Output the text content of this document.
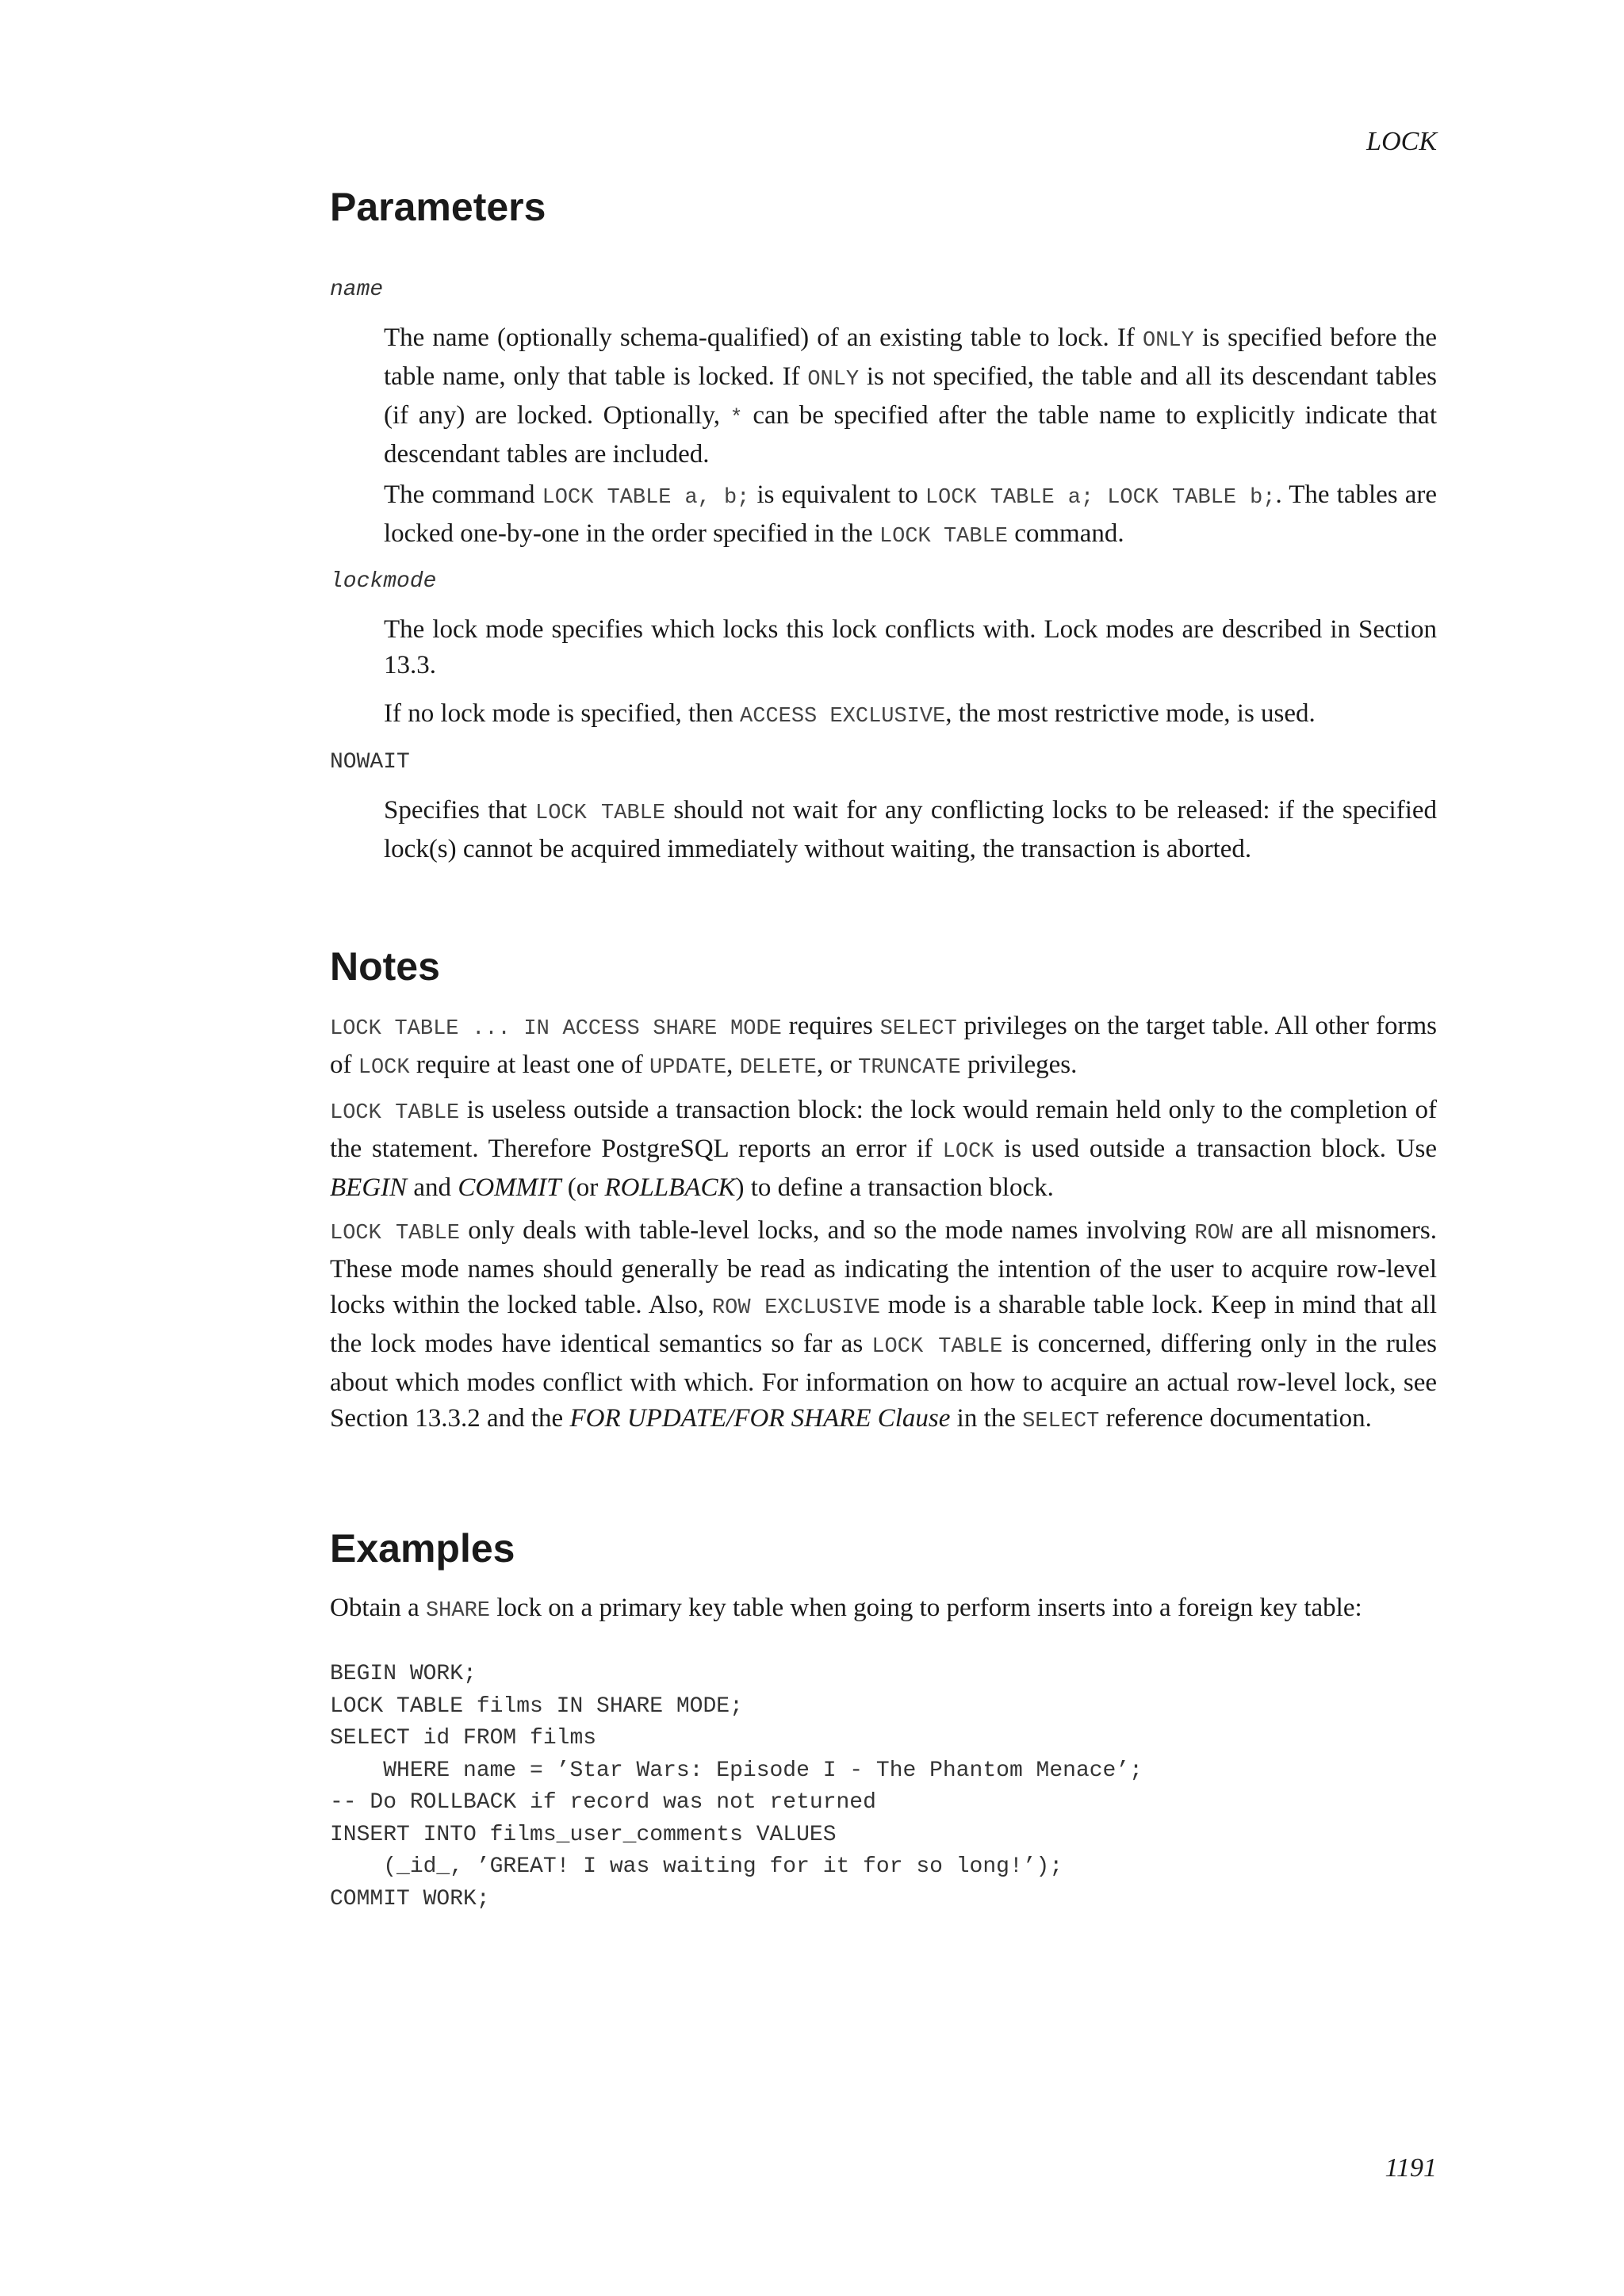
LOCK
Parameters
name

The name (optionally schema-qualified) of an existing table to lock. If ONLY is specified before the table name, only that table is locked. If ONLY is not specified, the table and all its descendant tables (if any) are locked. Optionally, * can be specified after the table name to explicitly indicate that descendant tables are included.

The command LOCK TABLE a, b; is equivalent to LOCK TABLE a; LOCK TABLE b;. The tables are locked one-by-one in the order specified in the LOCK TABLE command.

lockmode

The lock mode specifies which locks this lock conflicts with. Lock modes are described in Section 13.3.

If no lock mode is specified, then ACCESS EXCLUSIVE, the most restrictive mode, is used.

NOWAIT

Specifies that LOCK TABLE should not wait for any conflicting locks to be released: if the specified lock(s) cannot be acquired immediately without waiting, the transaction is aborted.

Notes

LOCK TABLE ... IN ACCESS SHARE MODE requires SELECT privileges on the target table. All other forms of LOCK require at least one of UPDATE, DELETE, or TRUNCATE privileges.

LOCK TABLE is useless outside a transaction block: the lock would remain held only to the completion of the statement. Therefore PostgreSQL reports an error if LOCK is used outside a transaction block. Use BEGIN and COMMIT (or ROLLBACK) to define a transaction block.

LOCK TABLE only deals with table-level locks, and so the mode names involving ROW are all misnomers. These mode names should generally be read as indicating the intention of the user to acquire row-level locks within the locked table. Also, ROW EXCLUSIVE mode is a sharable table lock. Keep in mind that all the lock modes have identical semantics so far as LOCK TABLE is concerned, differing only in the rules about which modes conflict with which. For information on how to acquire an actual row-level lock, see Section 13.3.2 and the FOR UPDATE/FOR SHARE Clause in the SELECT reference documentation.

Examples

Obtain a SHARE lock on a primary key table when going to perform inserts into a foreign key table:

BEGIN WORK;
LOCK TABLE films IN SHARE MODE;
SELECT id FROM films
WHERE name = ’Star Wars: Episode I - The Phantom Menace’;
-- Do ROLLBACK if record was not returned
INSERT INTO films_user_comments VALUES
(_id_, ’GREAT! I was waiting for it for so long!’);
COMMIT WORK;
1191
